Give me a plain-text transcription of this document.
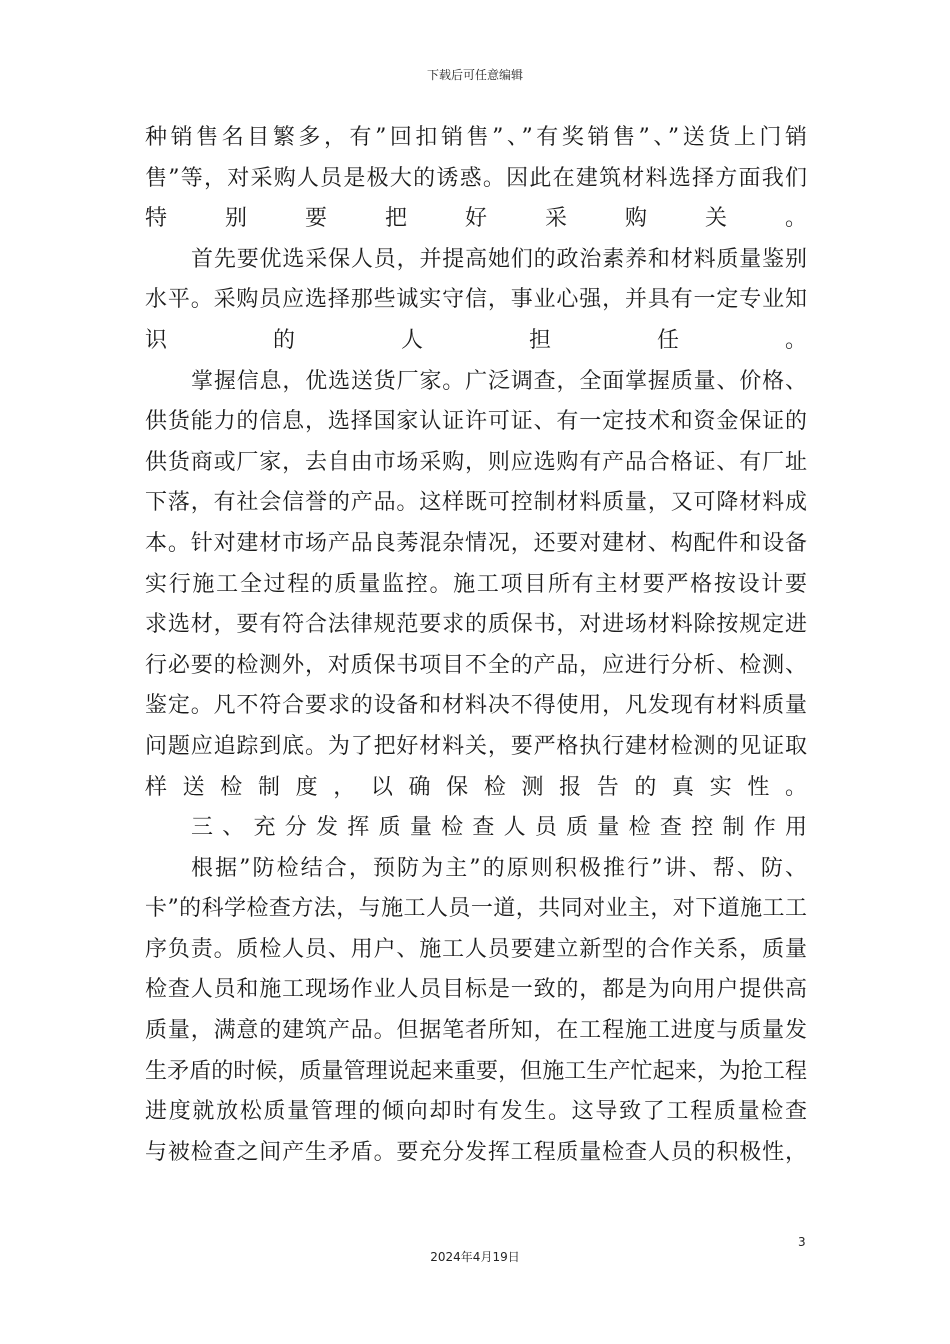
下载后可任意编辑
种销售名目繁多，有”回扣销售”、”有奖销售”、”送货上门销
售”等，对采购人员是极大的诱惑。因此在建筑材料选择方面我们
特　　别　　要　　把　　好　　采　　购　　关　　。
首先要优选采保人员，并提高她们的政治素养和材料质量鉴别
水平。采购员应选择那些诚实守信，事业心强，并具有一定专业知
识　　　的　　　人　　　担　　　任　　　。
掌握信息，优选送货厂家。广泛调查，全面掌握质量、价格、
供货能力的信息，选择国家认证许可证、有一定技术和资金保证的
供货商或厂家，去自由市场采购，则应选购有产品合格证、有厂址
下落，有社会信誉的产品。这样既可控制材料质量，又可降材料成
本。针对建材市场产品良莠混杂情况，还要对建材、构配件和设备
实行施工全过程的质量监控。施工项目所有主材要严格按设计要
求选材，要有符合法律规范要求的质保书，对进场材料除按规定进
行必要的检测外，对质保书项目不全的产品，应进行分析、检测、
鉴定。凡不符合要求的设备和材料决不得使用，凡发现有材料质量
问题应追踪到底。为了把好材料关，要严格执行建材检测的见证取
样送检制度，以确保检测报告的真实性。
三、充分发挥质量检查人员质量检查控制作用
根据”防检结合，预防为主”的原则积极推行”讲、帮、防、
卡”的科学检查方法，与施工人员一道，共同对业主，对下道施工工
序负责。质检人员、用户、施工人员要建立新型的合作关系，质量
检查人员和施工现场作业人员目标是一致的，都是为向用户提供高
质量，满意的建筑产品。但据笔者所知，在工程施工进度与质量发
生矛盾的时候，质量管理说起来重要，但施工生产忙起来，为抢工程
进度就放松质量管理的倾向却时有发生。这导致了工程质量检查
与被检查之间产生矛盾。要充分发挥工程质量检查人员的积极性，
3
2024年4月19日
